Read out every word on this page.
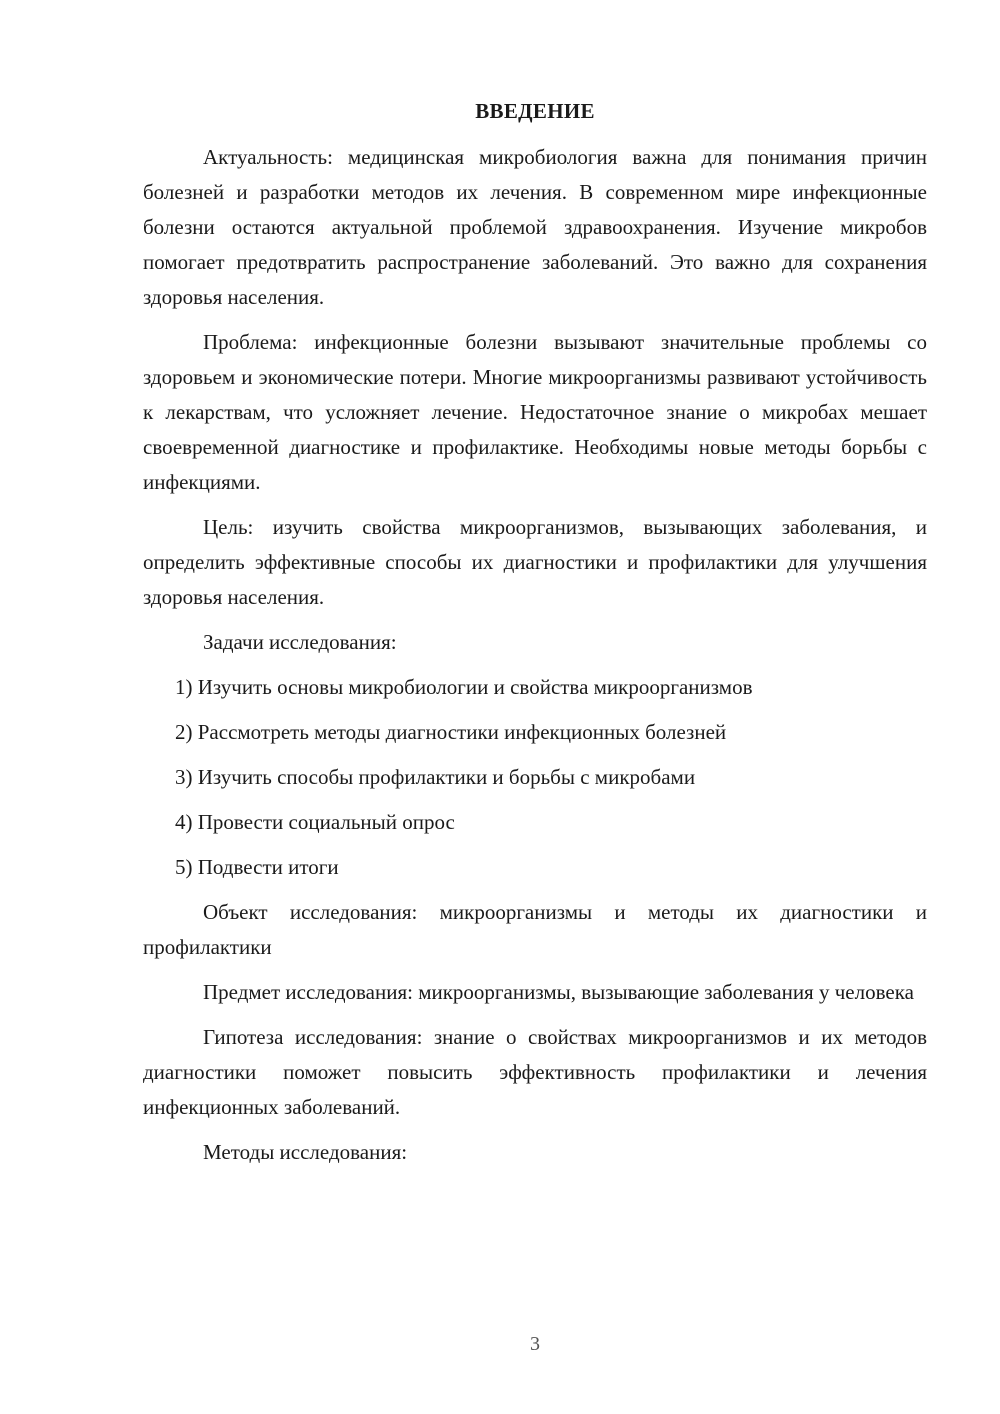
ВВЕДЕНИЕ

Актуальность: медицинская микробиология важна для понимания причин болезней и разработки методов их лечения. В современном мире инфекционные болезни остаются актуальной проблемой здравоохранения. Изучение микробов помогает предотвратить распространение заболеваний. Это важно для сохранения здоровья населения.

Проблема: инфекционные болезни вызывают значительные проблемы со здоровьем и экономические потери. Многие микроорганизмы развивают устойчивость к лекарствам, что усложняет лечение. Недостаточное знание о микробах мешает своевременной диагностике и профилактике. Необходимы новые методы борьбы с инфекциями.

Цель: изучить свойства микроорганизмов, вызывающих заболевания, и определить эффективные способы их диагностики и профилактики для улучшения здоровья населения.

Задачи исследования:

1) Изучить основы микробиологии и свойства микроорганизмов
2) Рассмотреть методы диагностики инфекционных болезней
3) Изучить способы профилактики и борьбы с микробами
4) Провести социальный опрос
5) Подвести итоги

Объект исследования: микроорганизмы и методы их диагностики и профилактики

Предмет исследования: микроорганизмы, вызывающие заболевания у человека

Гипотеза исследования: знание о свойствах микроорганизмов и их методов диагностики поможет повысить эффективность профилактики и лечения инфекционных заболеваний.

Методы исследования:

3
